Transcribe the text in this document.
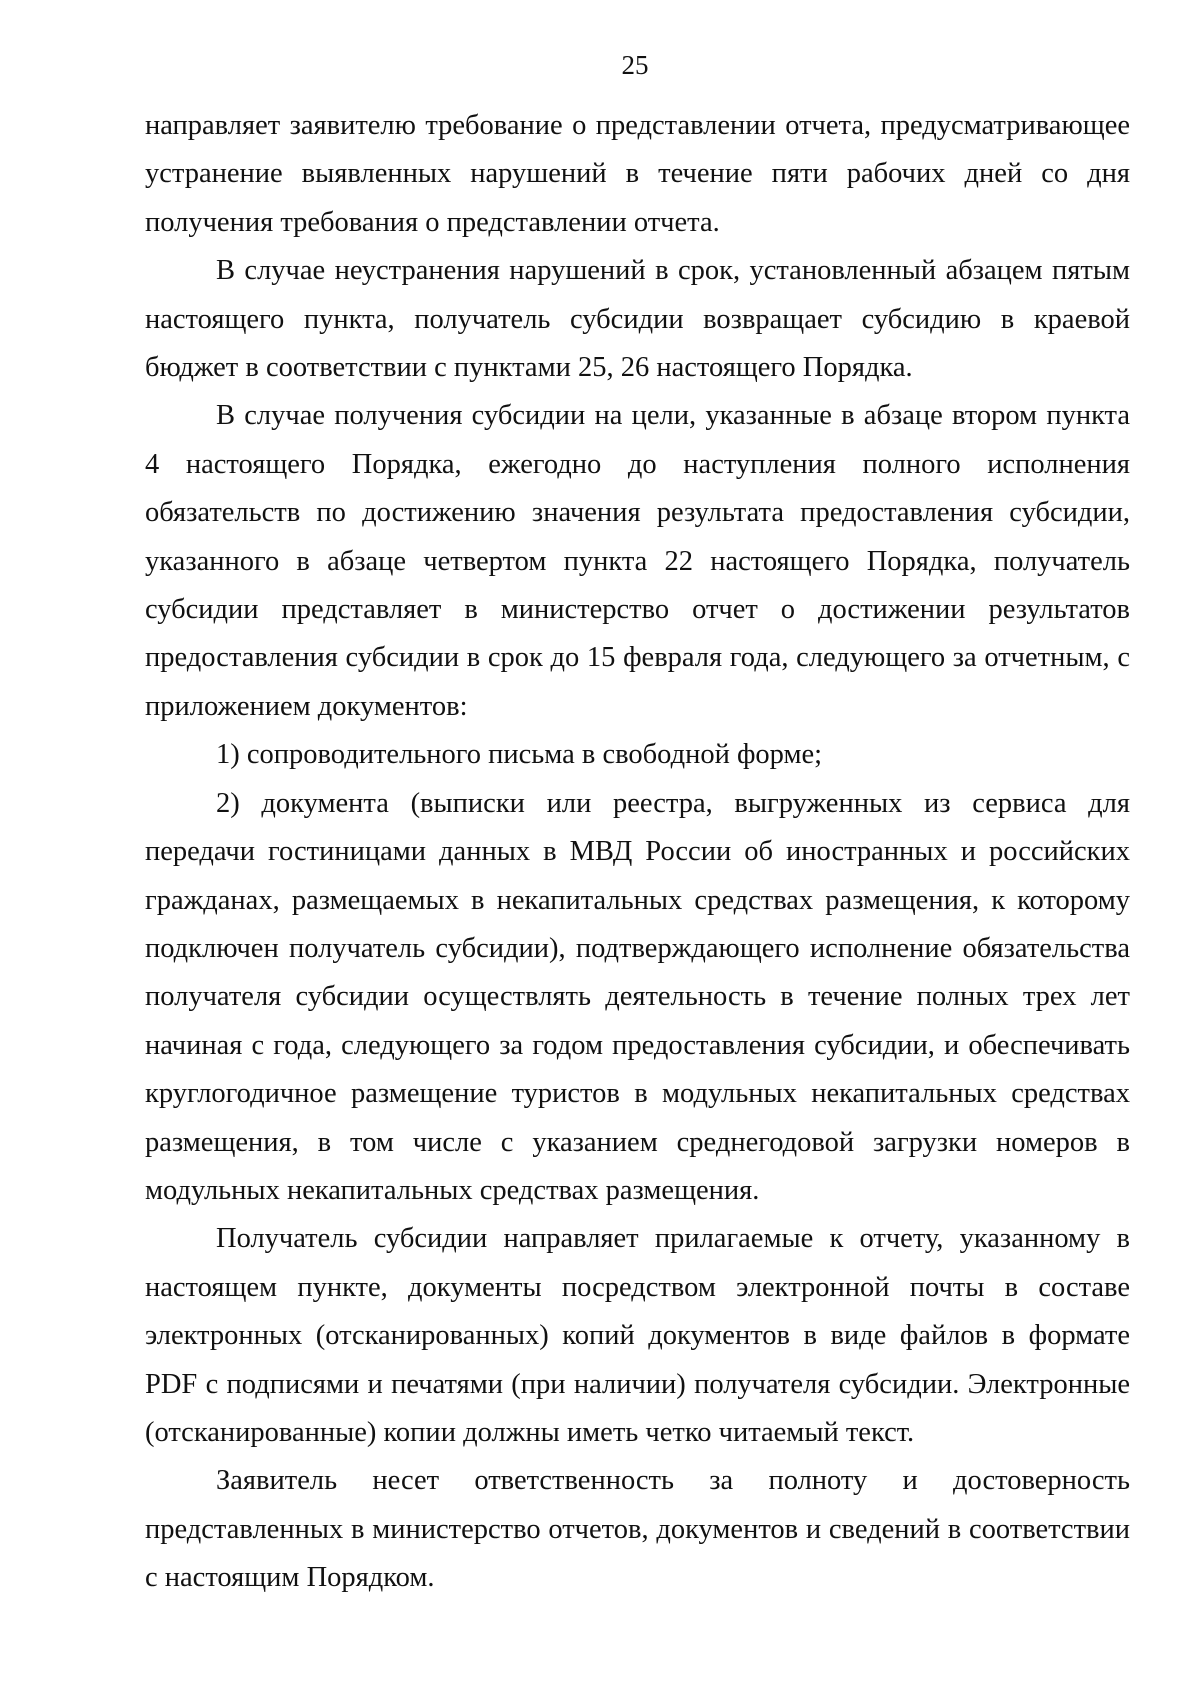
25

направляет заявителю требование о представлении отчета, предусматривающее устранение выявленных нарушений в течение пяти рабочих дней со дня получения требования о представлении отчета.

В случае неустранения нарушений в срок, установленный абзацем пятым настоящего пункта, получатель субсидии возвращает субсидию в краевой бюджет в соответствии с пунктами 25, 26 настоящего Порядка.

В случае получения субсидии на цели, указанные в абзаце втором пункта 4 настоящего Порядка, ежегодно до наступления полного исполнения обязательств по достижению значения результата предоставления субсидии, указанного в абзаце четвертом пункта 22 настоящего Порядка, получатель субсидии представляет в министерство отчет о достижении результатов предоставления субсидии в срок до 15 февраля года, следующего за отчетным, с приложением документов:

1) сопроводительного письма в свободной форме;

2) документа (выписки или реестра, выгруженных из сервиса для передачи гостиницами данных в МВД России об иностранных и российских гражданах, размещаемых в некапитальных средствах размещения, к которому подключен получатель субсидии), подтверждающего исполнение обязательства получателя субсидии осуществлять деятельность в течение полных трех лет начиная с года, следующего за годом предоставления субсидии, и обеспечивать круглогодичное размещение туристов в модульных некапитальных средствах размещения, в том числе с указанием среднегодовой загрузки номеров в модульных некапитальных средствах размещения.

Получатель субсидии направляет прилагаемые к отчету, указанному в настоящем пункте, документы посредством электронной почты в составе электронных (отсканированных) копий документов в виде файлов в формате PDF с подписями и печатями (при наличии) получателя субсидии. Электронные (отсканированные) копии должны иметь четко читаемый текст.

Заявитель несет ответственность за полноту и достоверность представленных в министерство отчетов, документов и сведений в соответствии с настоящим Порядком.
